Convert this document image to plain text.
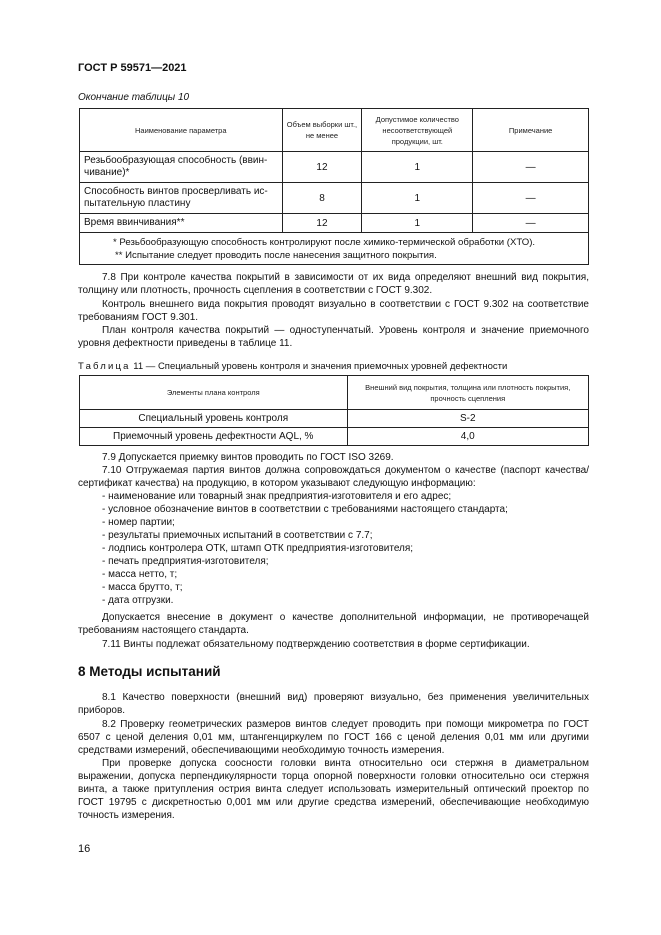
ГОСТ Р 59571—2021
Окончание таблицы 10
Наименование параметра	Объем выборки шт., не менее	Допустимое количество несоответствующей продукции, шт.	Примечание
Резьбообразующая способность (ввин-чивание)*	12	1	—
Способность винтов просверливать ис-пытательную пластину	8	1	—
Время ввинчивания**	12	1	—

* Резьбообразующую способность контролируют после химико-термической обработки (ХТО).
** Испытание следует проводить после нанесения защитного покрытия.			
7.8 При контроле качества покрытий в зависимости от их вида определяют внешний вид покрытия, толщину или плотность, прочность сцепления в соответствии с ГОСТ 9.302.
Контроль внешнего вида покрытия проводят визуально в соответствии с ГОСТ 9.302 на соответствие требованиям ГОСТ 9.301.
План контроля качества покрытий — одноступенчатый. Уровень контроля и значение приемочного уровня дефектности приведены в таблице 11.
Таблица 11 — Специальный уровень контроля и значения приемочных уровней дефектности
Элементы плана контроля	Внешний вид покрытия, толщина или плотность покрытия, прочность сцепления
Специальный уровень контроля	S-2
Приемочный уровень дефектности AQL, %	4,0
7.9 Допускается приемку винтов проводить по ГОСТ ISO 3269.
7.10 Отгружаемая партия винтов должна сопровождаться документом о качестве (паспорт качества/сертификат качества) на продукцию, в котором указывают следующую информацию:
- наименование или товарный знак предприятия-изготовителя и его адрес;
- условное обозначение винтов в соответствии с требованиями настоящего стандарта;
- номер партии;
- результаты приемочных испытаний в соответствии с 7.7;
- лодпись контролера ОТК, штамп ОТК предприятия-изготовителя;
- печать предприятия-изготовителя;
- масса нетто, т;
- масса брутто, т;
- дата отгрузки.
Допускается внесение в документ о качестве дополнительной информации, не противоречащей требованиям настоящего стандарта.
7.11 Винты подлежат обязательному подтверждению соответствия в форме сертификации.
8 Методы испытаний
8.1 Качество поверхности (внешний вид) проверяют визуально, без применения увеличительных приборов.
8.2 Проверку геометрических размеров винтов следует проводить при помощи микрометра по ГОСТ 6507 с ценой деления 0,01 мм, штангенциркулем по ГОСТ 166 с ценой деления 0,01 мм или другими средствами измерений, обеспечивающими необходимую точность измерения.
При проверке допуска соосности головки винта относительно оси стержня в диаметральном выражении, допуска перпендикулярности торца опорной поверхности головки относительно оси стержня винта, а также притупления острия винта следует использовать измерительный оптический проектор по ГОСТ 19795 с дискретностью 0,001 мм или другие средства измерений, обеспечивающие необходимую точность измерения.
16
